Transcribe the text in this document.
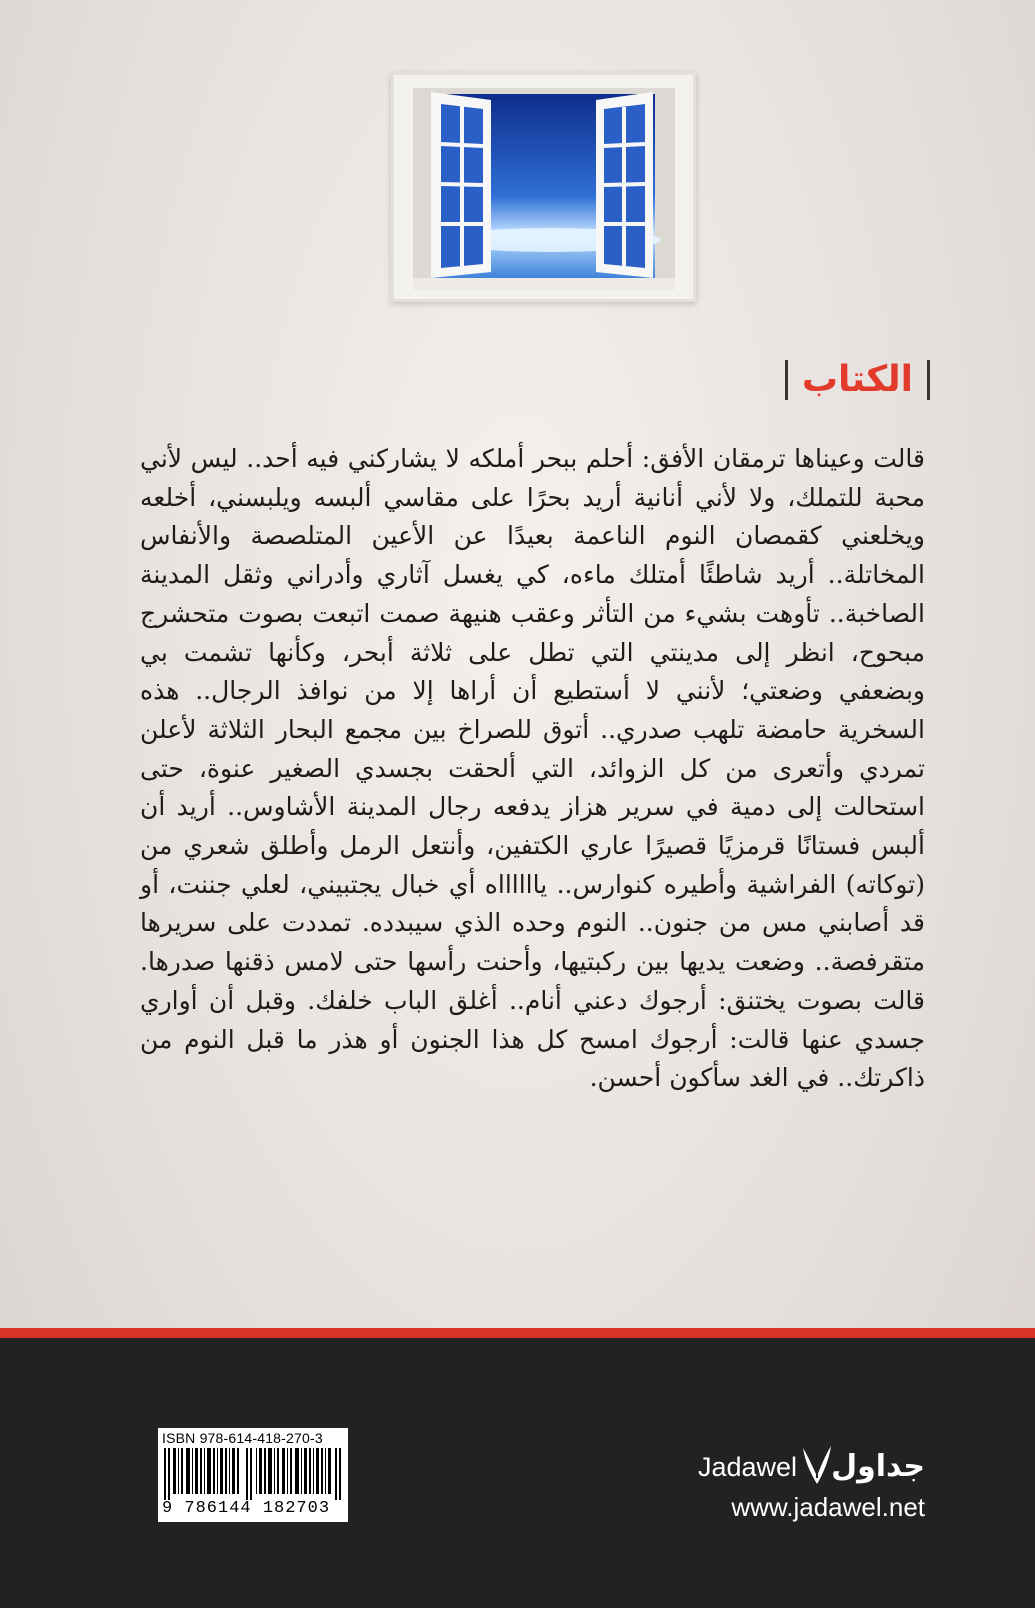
الكتاب
قالت وعيناها ترمقان الأفق: أحلم ببحر أملكه لا يشاركني فيه أحد.. ليس لأني محبة للتملك، ولا لأني أنانية أريد بحرًا على مقاسي ألبسه ويلبسني، أخلعه ويخلعني كقمصان النوم الناعمة بعيدًا عن الأعين المتلصصة والأنفاس المخاتلة.. أريد شاطئًا أمتلك ماءه، كي يغسل آثاري وأدراني وثقل المدينة الصاخبة.. تأوهت بشيء من التأثر وعقب هنيهة صمت اتبعت بصوت متحشرج مبحوح، انظر إلى مدينتي التي تطل على ثلاثة أبحر، وكأنها تشمت بي وبضعفي وضعتي؛ لأنني لا أستطيع أن أراها إلا من نوافذ الرجال.. هذه السخرية حامضة تلهب صدري.. أتوق للصراخ بين مجمع البحار الثلاثة لأعلن تمردي وأتعرى من كل الزوائد، التي ألحقت بجسدي الصغير عنوة، حتى استحالت إلى دمية في سرير هزاز يدفعه رجال المدينة الأشاوس.. أريد أن ألبس فستانًا قرمزيًا قصيرًا عاري الكتفين، وأنتعل الرمل وأطلق شعري من (توكاته) الفراشية وأطيره كنوارس.. يااااااه أي خبال يجتبيني، لعلي جننت، أو قد أصابني مس من جنون.. النوم وحده الذي سيبدده. تمددت على سريرها متقرفصة.. وضعت يديها بين ركبتيها، وأحنت رأسها حتى لامس ذقنها صدرها. قالت بصوت يختنق: أرجوك دعني أنام.. أغلق الباب خلفك. وقبل أن أواري جسدي عنها قالت: أرجوك امسح كل هذا الجنون أو هذر ما قبل النوم من ذاكرتك.. في الغد سأكون أحسن.
ISBN 978-614-418-270-3
9 786144 182703
جداول
Jadawel
www.jadawel.net
